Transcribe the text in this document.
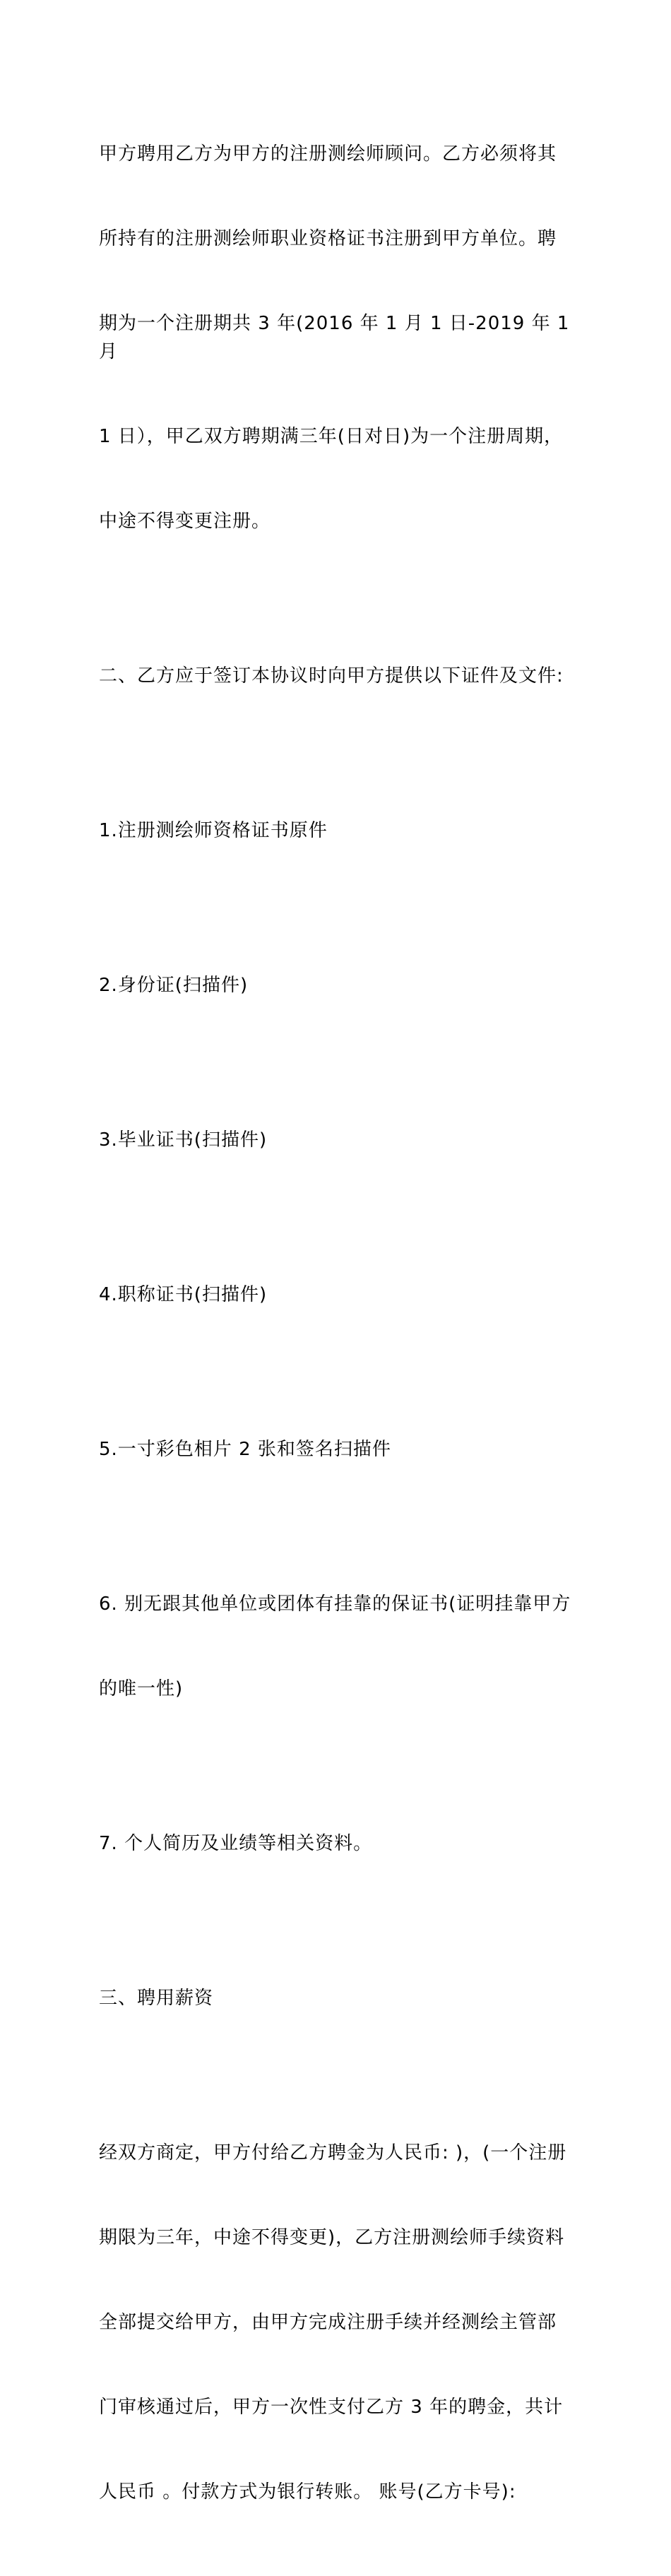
甲方聘用乙方为甲方的注册测绘师顾问。乙方必须将其

所持有的注册测绘师职业资格证书注册到甲方单位。聘

期为一个注册期共 3 年(2016 年 1 月 1 日-2019 年 1 月

1 日），甲乙双方聘期满三年(日对日)为一个注册周期，

中途不得变更注册。

二、乙方应于签订本协议时向甲方提供以下证件及文件:

1.注册测绘师资格证书原件

2.身份证(扫描件)

3.毕业证书(扫描件)

4.职称证书(扫描件)

5.一寸彩色相片 2 张和签名扫描件

6. 别无跟其他单位或团体有挂靠的保证书(证明挂靠甲方

的唯一性)

7. 个人简历及业绩等相关资料。

三、聘用薪资

经双方商定，甲方付给乙方聘金为人民币: )，(一个注册

期限为三年，中途不得变更)，乙方注册测绘师手续资料

全部提交给甲方，由甲方完成注册手续并经测绘主管部

门审核通过后，甲方一次性支付乙方 3 年的聘金，共计

人民币 。付款方式为银行转账。 账号(乙方卡号):
